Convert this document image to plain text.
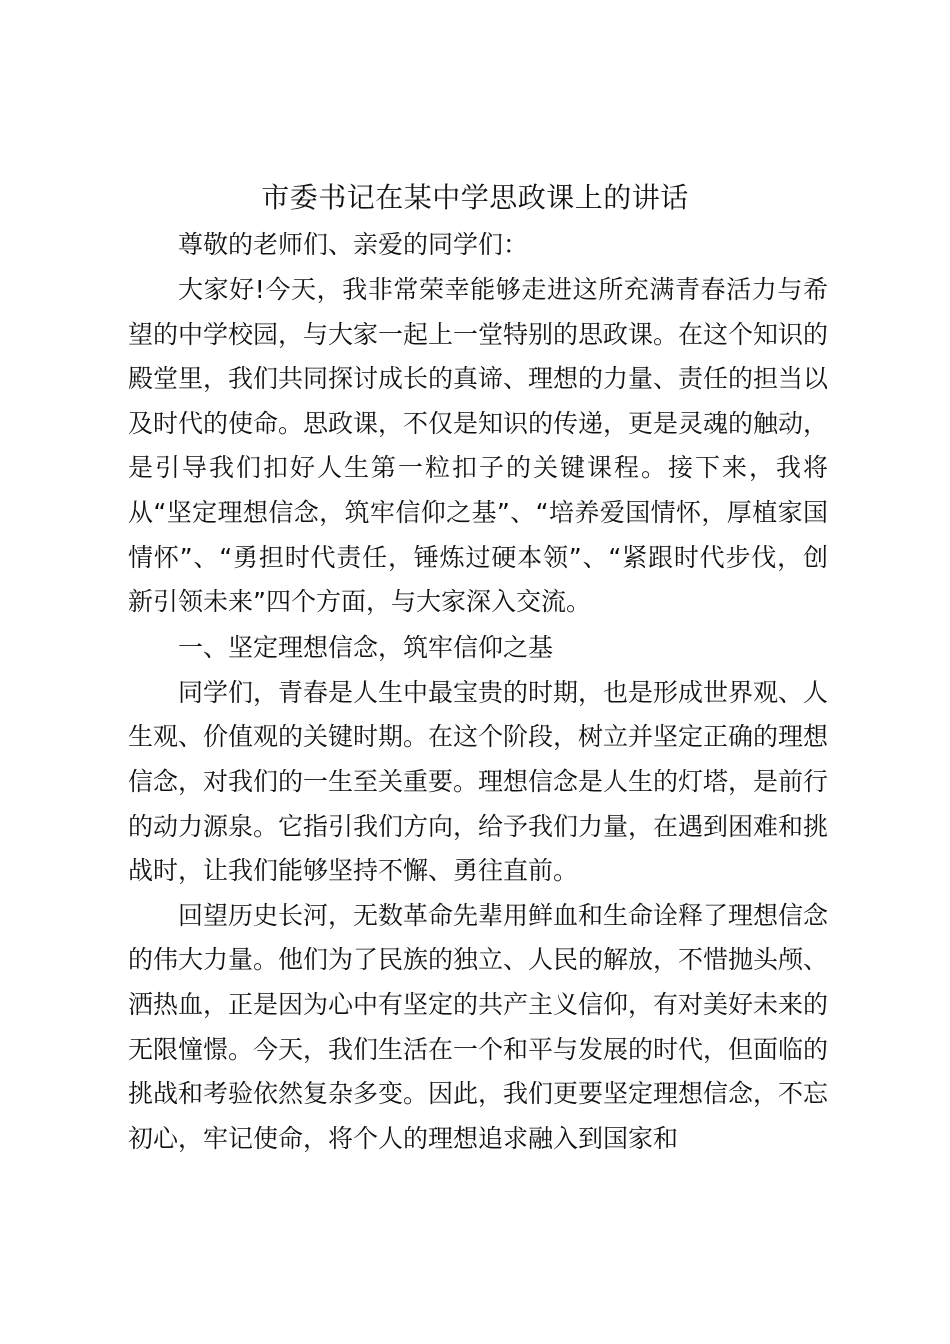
市委书记在某中学思政课上的讲话

尊敬的老师们、亲爱的同学们：

大家好!今天，我非常荣幸能够走进这所充满青春活力与希望的中学校园，与大家一起上一堂特别的思政课。在这个知识的殿堂里，我们共同探讨成长的真谛、理想的力量、责任的担当以及时代的使命。思政课，不仅是知识的传递，更是灵魂的触动，是引导我们扣好人生第一粒扣子的关键课程。接下来，我将从“坚定理想信念，筑牢信仰之基”、“培养爱国情怀，厚植家国情怀”、“勇担时代责任，锤炼过硬本领”、“紧跟时代步伐，创新引领未来”四个方面，与大家深入交流。

一、坚定理想信念，筑牢信仰之基

同学们，青春是人生中最宝贵的时期，也是形成世界观、人生观、价值观的关键时期。在这个阶段，树立并坚定正确的理想信念，对我们的一生至关重要。理想信念是人生的灯塔，是前行的动力源泉。它指引我们方向，给予我们力量，在遇到困难和挑战时，让我们能够坚持不懈、勇往直前。

回望历史长河，无数革命先辈用鲜血和生命诠释了理想信念的伟大力量。他们为了民族的独立、人民的解放，不惜抛头颅、洒热血，正是因为心中有坚定的共产主义信仰，有对美好未来的无限憧憬。今天，我们生活在一个和平与发展的时代，但面临的挑战和考验依然复杂多变。因此，我们更要坚定理想信念，不忘初心，牢记使命，将个人的理想追求融入到国家和
